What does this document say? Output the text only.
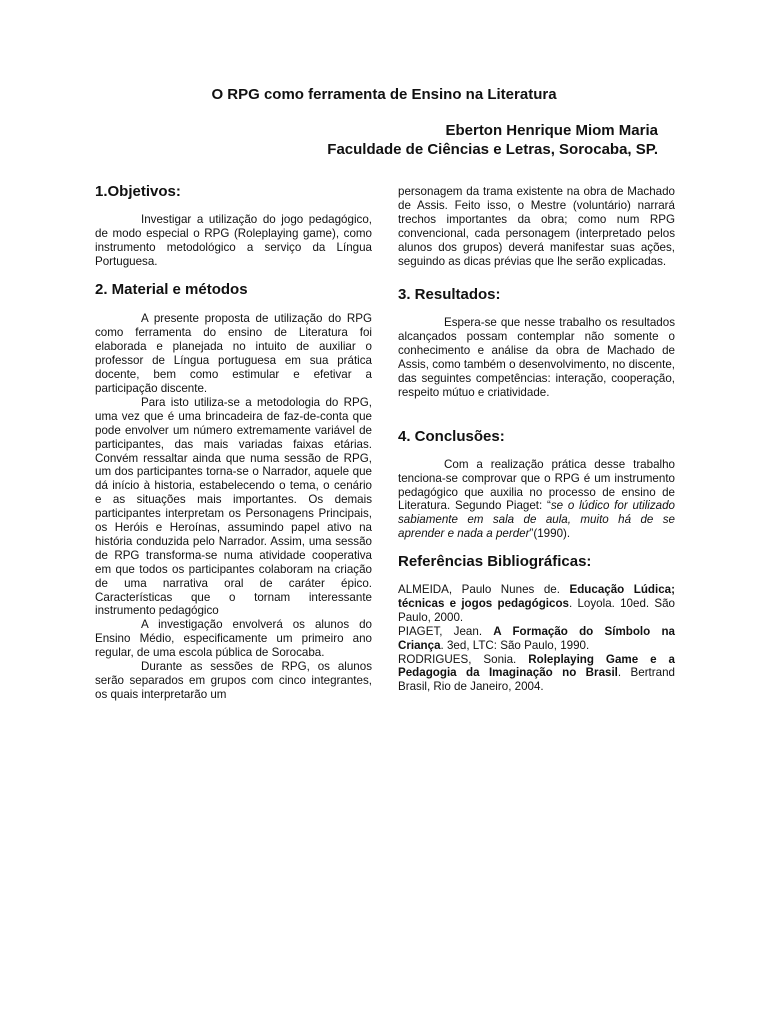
O RPG como ferramenta de Ensino na Literatura
Eberton Henrique Miom Maria
Faculdade de Ciências e Letras, Sorocaba, SP.
1.Objetivos:

Investigar a utilização do jogo pedagógico, de modo especial o RPG (Roleplaying game), como instrumento metodológico a serviço da Língua Portuguesa.

2. Material e métodos

A presente proposta de utilização do RPG como ferramenta do ensino de Literatura foi elaborada e planejada no intuito de auxiliar o professor de Língua portuguesa em sua prática docente, bem como estimular e efetivar a participação discente.

Para isto utiliza-se a metodologia do RPG, uma vez que é uma brincadeira de faz-de-conta que pode envolver um número extremamente variável de participantes, das mais variadas faixas etárias. Convém ressaltar ainda que numa sessão de RPG, um dos participantes torna-se o Narrador, aquele que dá início à historia, estabelecendo o tema, o cenário e as situações mais importantes. Os demais participantes interpretam os Personagens Principais, os Heróis e Heroínas, assumindo papel ativo na história conduzida pelo Narrador. Assim, uma sessão de RPG transforma-se numa atividade cooperativa em que todos os participantes colaboram na criação de uma narrativa oral de caráter épico. Características que o tornam interessante instrumento pedagógico

A investigação envolverá os alunos do Ensino Médio, especificamente um primeiro ano regular, de uma escola pública de Sorocaba.

Durante as sessões de RPG, os alunos serão separados em grupos com cinco integrantes, os quais interpretarão um

personagem da trama existente na obra de Machado de Assis. Feito isso, o Mestre (voluntário) narrará trechos importantes da obra; como num RPG convencional, cada personagem (interpretado pelos alunos dos grupos) deverá manifestar suas ações, seguindo as dicas prévias que lhe serão explicadas.

3. Resultados:

Espera-se que nesse trabalho os resultados alcançados possam contemplar não somente o conhecimento e análise da obra de Machado de Assis, como também o desenvolvimento, no discente, das seguintes competências: interação, cooperação, respeito mútuo e criatividade.

4. Conclusões:

Com a realização prática desse trabalho tenciona-se comprovar que o RPG é um instrumento pedagógico que auxilia no processo de ensino de Literatura. Segundo Piaget: “se o lúdico for utilizado sabiamente em sala de aula, muito há de se aprender e nada a perder”(1990).

Referências Bibliográficas:

ALMEIDA, Paulo Nunes de. Educação Lúdica; técnicas e jogos pedagógicos. Loyola. 10ed. São Paulo, 2000.

PIAGET, Jean. A Formação do Símbolo na Criança. 3ed, LTC: São Paulo, 1990.

RODRIGUES, Sonia. Roleplaying Game e a Pedagogia da Imaginação no Brasil. Bertrand Brasil, Rio de Janeiro, 2004.
